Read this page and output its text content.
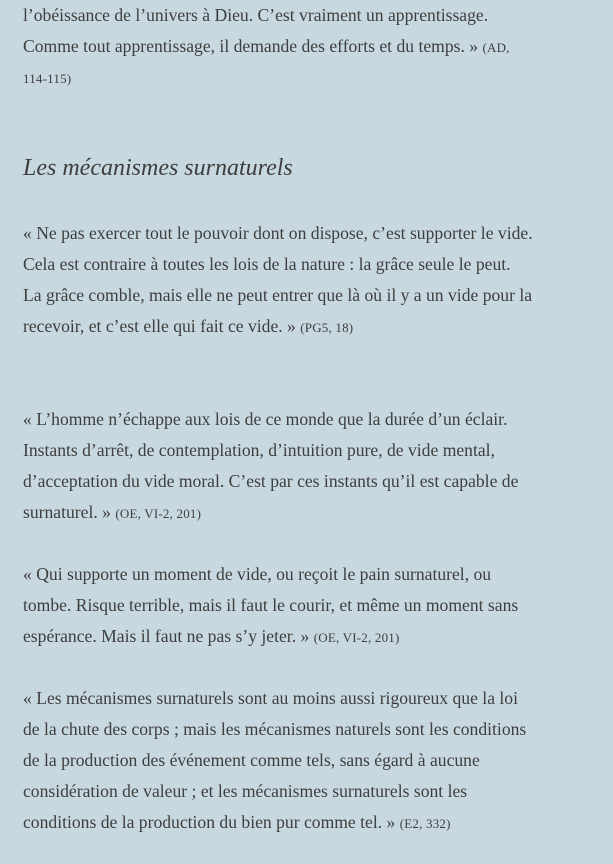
l’obéissance de l’univers à Dieu. C’est vraiment un apprentissage.
Comme tout apprentissage, il demande des efforts et du temps. » (AD,
114-115)
Les mécanismes surnaturels
« Ne pas exercer tout le pouvoir dont on dispose, c’est supporter le vide.
Cela est contraire à toutes les lois de la nature : la grâce seule le peut.
La grâce comble, mais elle ne peut entrer que là où il y a un vide pour la
recevoir, et c’est elle qui fait ce vide. » (PG5, 18)
« L’homme n’échappe aux lois de ce monde que la durée d’un éclair.
Instants d’arrêt, de contemplation, d’intuition pure, de vide mental,
d’acceptation du vide moral. C’est par ces instants qu’il est capable de
surnaturel. » (OE, VI-2, 201)
« Qui supporte un moment de vide, ou reçoit le pain surnaturel, ou
tombe. Risque terrible, mais il faut le courir, et même un moment sans
espérance. Mais il faut ne pas s’y jeter. » (OE, VI-2, 201)
« Les mécanismes surnaturels sont au moins aussi rigoureux que la loi
de la chute des corps ; mais les mécanismes naturels sont les conditions
de la production des événement comme tels, sans égard à aucune
considération de valeur ; et les mécanismes surnaturels sont les
conditions de la production du bien pur comme tel. » (E2, 332)
